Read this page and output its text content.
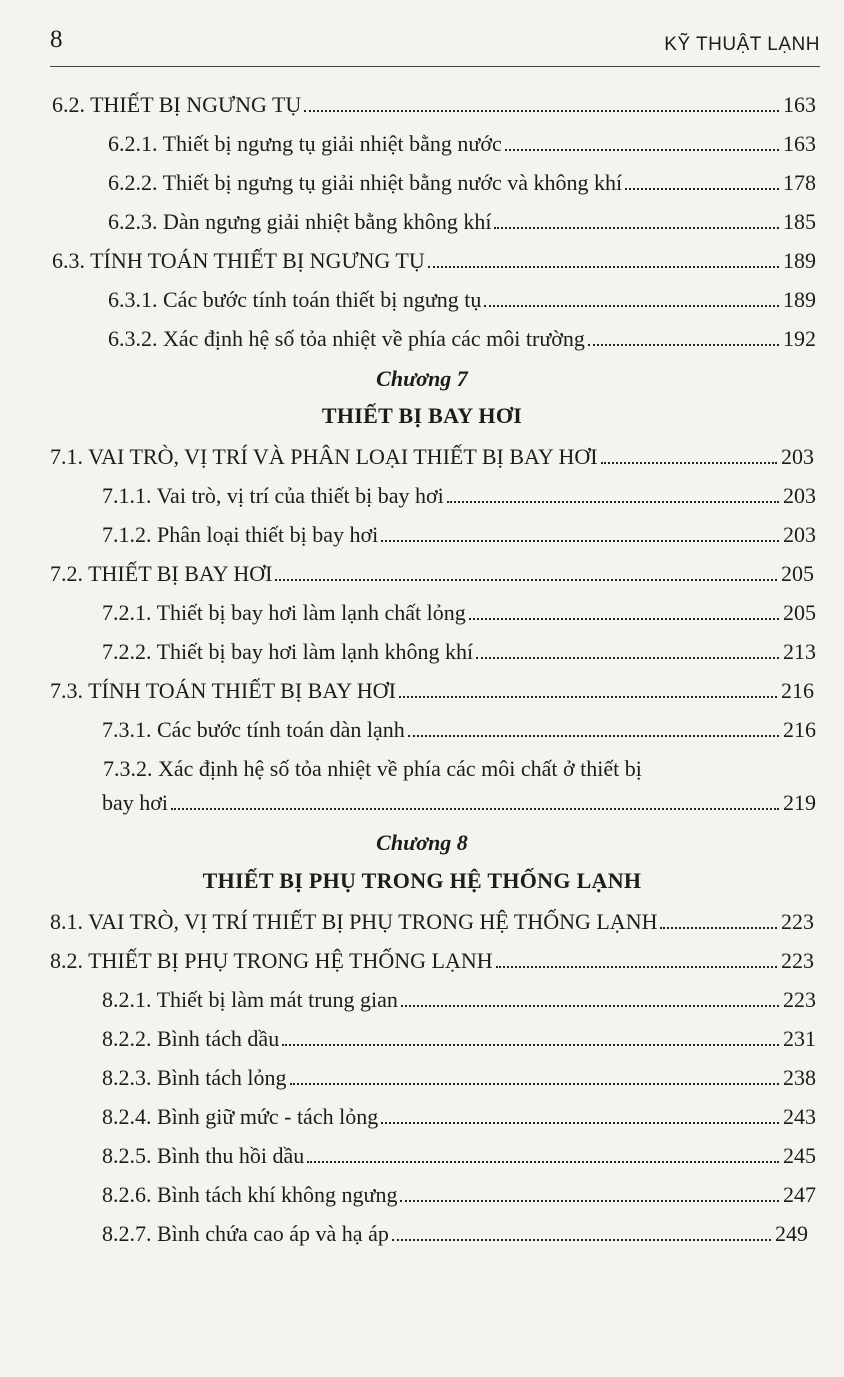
8	KỸ THUẬT LẠNH
6.2. THIẾT BỊ NGƯNG TỤ	163
6.2.1. Thiết bị ngưng tụ giải nhiệt bằng nước	163
6.2.2. Thiết bị ngưng tụ giải nhiệt bằng nước và không khí	178
6.2.3. Dàn ngưng giải nhiệt bằng không khí	185
6.3. TÍNH TOÁN THIẾT BỊ NGƯNG TỤ	189
6.3.1. Các bước tính toán thiết bị ngưng tụ	189
6.3.2. Xác định hệ số tỏa nhiệt về phía các môi trường	192
Chương 7
THIẾT BỊ BAY HƠI
7.1. VAI TRÒ, VỊ TRÍ VÀ PHÂN LOẠI THIẾT BỊ BAY HƠI	203
7.1.1. Vai trò, vị trí của thiết bị bay hơi	203
7.1.2. Phân loại thiết bị bay hơi	203
7.2. THIẾT BỊ BAY HƠI	205
7.2.1. Thiết bị bay hơi làm lạnh chất lỏng	205
7.2.2. Thiết bị bay hơi làm lạnh không khí	213
7.3. TÍNH TOÁN THIẾT BỊ BAY HƠI	216
7.3.1. Các bước tính toán dàn lạnh	216
7.3.2. Xác định hệ số tỏa nhiệt về phía các môi chất ở thiết bị
bay hơi	219
Chương 8
THIẾT BỊ PHỤ TRONG HỆ THỐNG LẠNH
8.1. VAI TRÒ, VỊ TRÍ THIẾT BỊ PHỤ TRONG HỆ THỐNG LẠNH	223
8.2. THIẾT BỊ PHỤ TRONG HỆ THỐNG LẠNH	223
8.2.1. Thiết bị làm mát trung gian	223
8.2.2. Bình tách dầu	231
8.2.3. Bình tách lỏng	238
8.2.4. Bình giữ mức - tách lỏng	243
8.2.5. Bình thu hồi dầu	245
8.2.6. Bình tách khí không ngưng	247
8.2.7. Bình chứa cao áp và hạ áp	249
